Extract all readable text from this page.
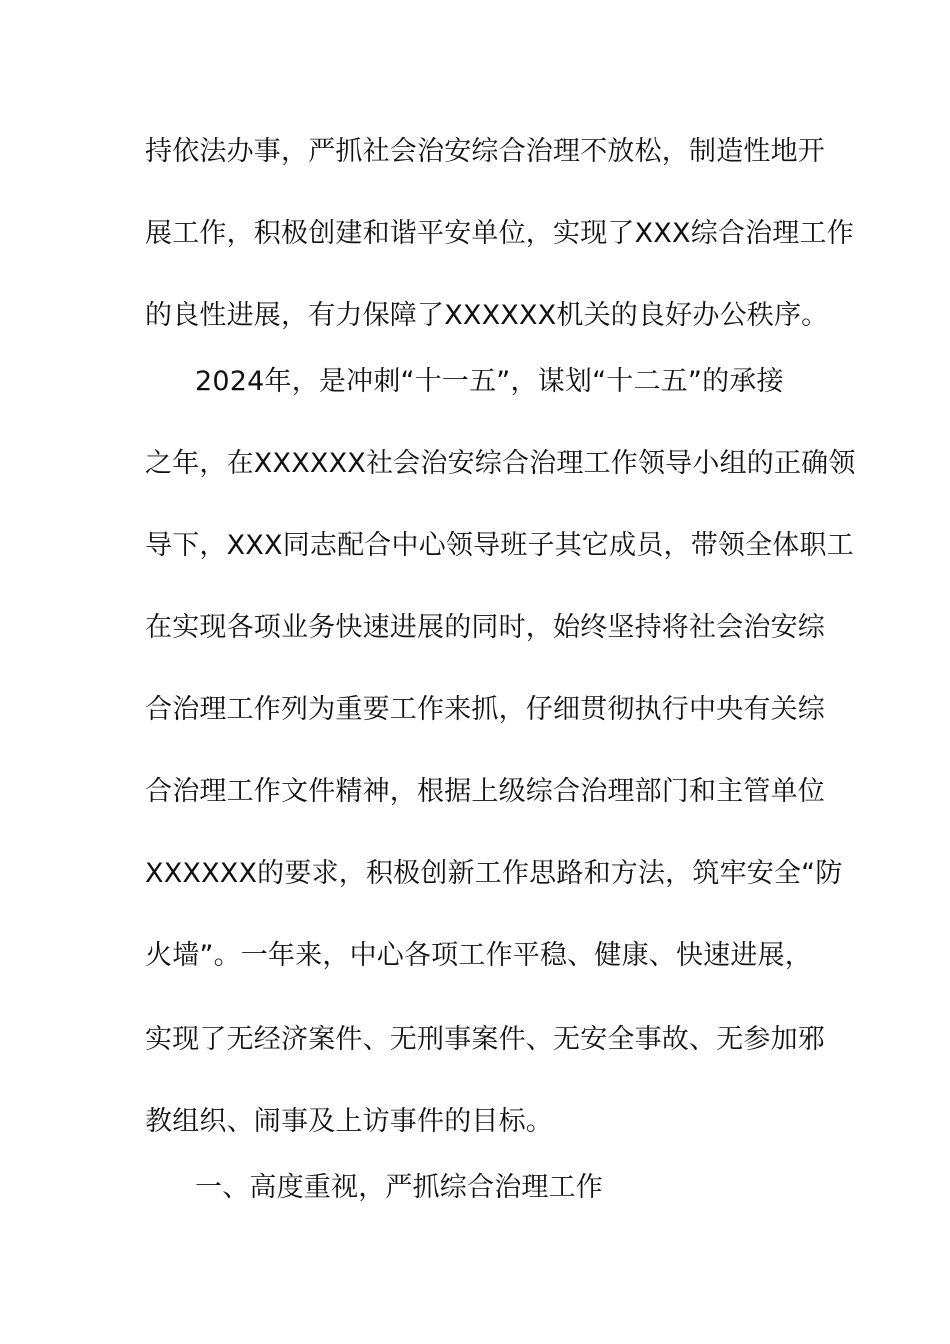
持依法办事，严抓社会治安综合治理不放松，制造性地开
展工作，积极创建和谐平安单位，实现了XXX综合治理工作
的良性进展，有力保障了XXXXXX机关的良好办公秩序。
2024年，是冲刺“十一五”，谋划“十二五”的承接
之年，在XXXXXX社会治安综合治理工作领导小组的正确领
导下，XXX同志配合中心领导班子其它成员，带领全体职工
在实现各项业务快速进展的同时，始终坚持将社会治安综
合治理工作列为重要工作来抓，仔细贯彻执行中央有关综
合治理工作文件精神，根据上级综合治理部门和主管单位
XXXXXX的要求，积极创新工作思路和方法，筑牢安全“防
火墙”。一年来，中心各项工作平稳、健康、快速进展，
实现了无经济案件、无刑事案件、无安全事故、无参加邪
教组织、闹事及上访事件的目标。
一、高度重视，严抓综合治理工作
